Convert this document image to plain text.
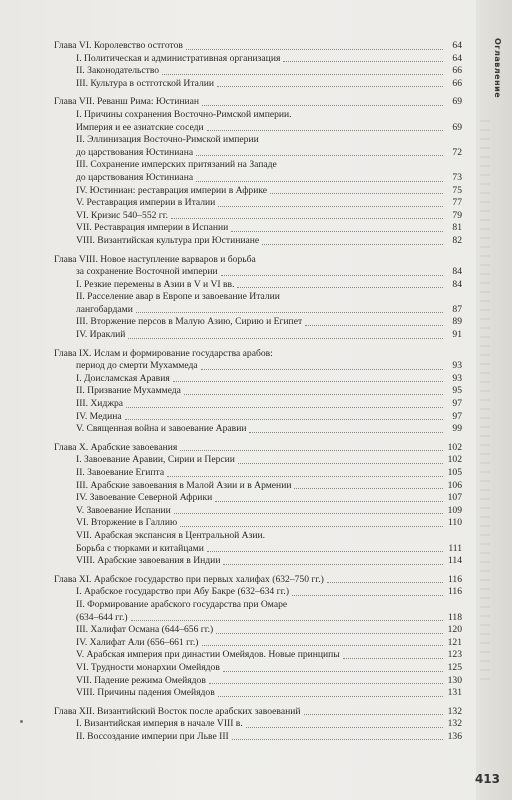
Оглавление
413
Глава VI. Королевство остготов	64
I. Политическая и административная организация	64
II. Законодательство	66
III. Культура в остготской Италии	66
Глава VII. Реванш Рима: Юстиниан	69
I. Причины сохранения Восточно-Римской империи.
Империя и ее азиатские соседи	69
II. Эллинизация Восточно-Римской империи
до царствования Юстиниана	72
III. Сохранение имперских притязаний на Западе
до царствования Юстиниана	73
IV. Юстиниан: реставрация империи в Африке	75
V. Реставрация империи в Италии	77
VI. Кризис 540–552 гг.	79
VII. Реставрация империи в Испании	81
VIII. Византийская культура при Юстиниане	82
Глава VIII. Новое наступление варваров и борьба
за сохранение Восточной империи	84
I. Резкие перемены в Азии в V и VI вв.	84
II. Расселение авар в Европе и завоевание Италии
лангобардами	87
III. Вторжение персов в Малую Азию, Сирию и Египет	89
IV. Ираклий	91
Глава IX. Ислам и формирование государства арабов:
период до смерти Мухаммеда	93
I. Доисламская Аравия	93
II. Призвание Мухаммеда	95
III. Хиджра	97
IV. Медина	97
V. Священная война и завоевание Аравии	99
Глава X. Арабские завоевания	102
I. Завоевание Аравии, Сирии и Персии	102
II. Завоевание Египта	105
III. Арабские завоевания в Малой Азии и в Армении	106
IV. Завоевание Северной Африки	107
V. Завоевание Испании	109
VI. Вторжение в Галлию	110
VII. Арабская экспансия в Центральной Азии.
Борьба с тюрками и китайцами	111
VIII. Арабские завоевания в Индии	114
Глава XI. Арабское государство при первых халифах (632–750 гг.)	116
I. Арабское государство при Абу Бакре (632–634 гг.)	116
II. Формирование арабского государства при Омаре
(634–644 гг.)	118
III. Халифат Османа (644–656 гг.)	120
IV. Халифат Али (656–661 гг.)	121
V. Арабская империя при династии Омейядов. Новые принципы	123
VI. Трудности монархии Омейядов	125
VII. Падение режима Омейядов	130
VIII. Причины падения Омейядов	131
Глава XII. Византийский Восток после арабских завоеваний	132
I. Византийская империя в начале VIII в.	132
II. Воссоздание империи при Льве III	136
